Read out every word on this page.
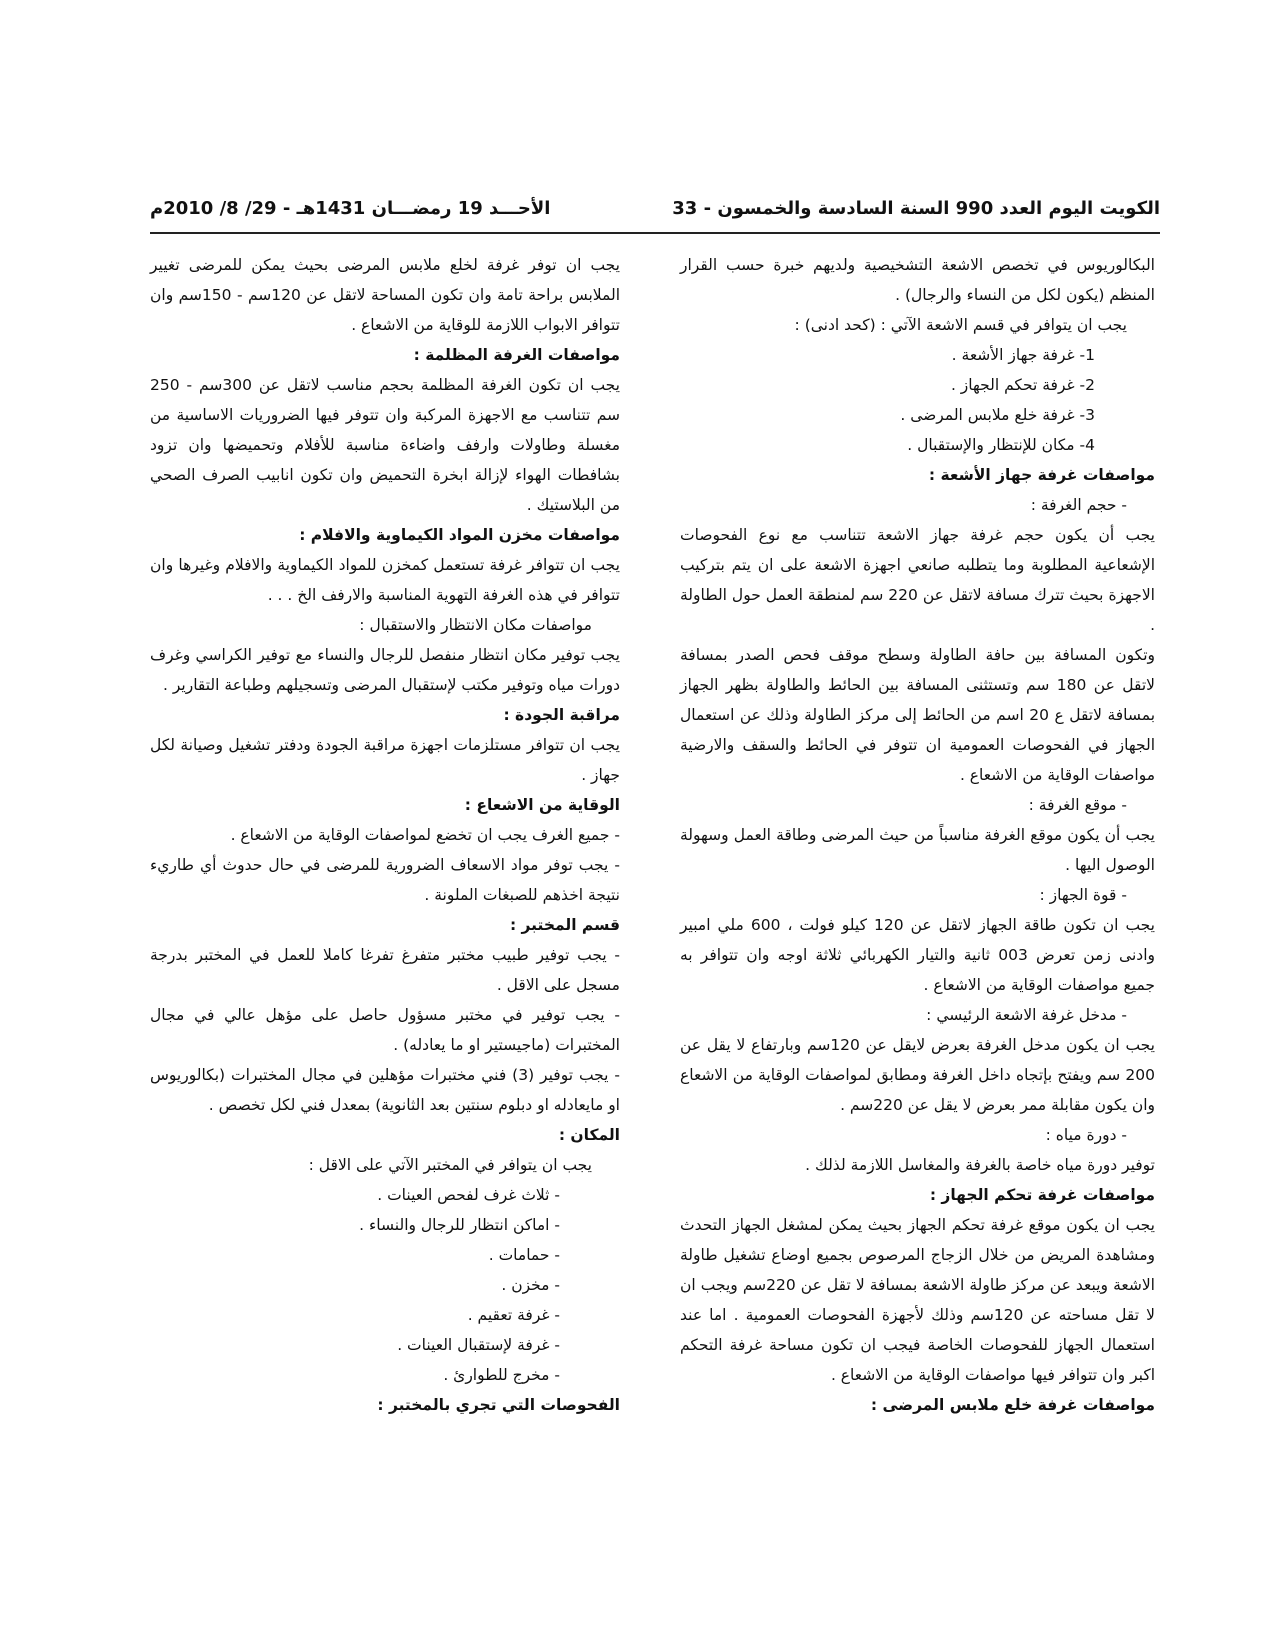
الكويت اليوم العدد 990 السنة السادسة والخمسون - 33
الأحـــد 19 رمضـــان 1431هـ - 29/ 8/ 2010م
البكالوريوس في تخصص الاشعة التشخيصية ولديهم خبرة حسب القرار المنظم (يكون لكل من النساء والرجال) .
يجب ان يتوافر في قسم الاشعة الآتي : (كحد ادنى) :
1- غرفة جهاز الأشعة .
2- غرفة تحكم الجهاز .
3- غرفة خلع ملابس المرضى .
4- مكان للإنتظار والإستقبال .
مواصفات غرفة جهاز الأشعة :
- حجم الغرفة :
يجب أن يكون حجم غرفة جهاز الاشعة تتناسب مع نوع الفحوصات الإشعاعية المطلوبة وما يتطلبه صانعي اجهزة الاشعة على ان يتم بتركيب الاجهزة بحيث تترك مسافة لاتقل عن 220 سم لمنطقة العمل حول الطاولة .
وتكون المسافة بين حافة الطاولة وسطح موقف فحص الصدر بمسافة لاتقل عن 180 سم وتستثنى المسافة بين الحائط والطاولة بظهر الجهاز بمسافة لاتقل ع 20 اسم من الحائط إلى مركز الطاولة وذلك عن استعمال الجهاز في الفحوصات العمومية ان تتوفر في الحائط والسقف والارضية مواصفات الوقاية من الاشعاع .
- موقع الغرفة :
يجب أن يكون موقع الغرفة مناسباً من حيث المرضى وطاقة العمل وسهولة الوصول اليها .
- قوة الجهاز :
يجب ان تكون طاقة الجهاز لاتقل عن 120 كيلو فولت ، 600 ملي امبير وادنى زمن تعرض 003 ثانية والتيار الكهربائي ثلاثة اوجه وان تتوافر به جميع مواصفات الوقاية من الاشعاع .
- مدخل غرفة الاشعة الرئيسي :
يجب ان يكون مدخل الغرفة بعرض لايقل عن 120سم وبارتفاع لا يقل عن 200 سم ويفتح بإتجاه داخل الغرفة ومطابق لمواصفات الوقاية من الاشعاع وان يكون مقابلة ممر بعرض لا يقل عن 220سم .
- دورة مياه :
توفير دورة مياه خاصة بالغرفة والمغاسل اللازمة لذلك .
مواصفات غرفة تحكم الجهاز :
يجب ان يكون موقع غرفة تحكم الجهاز بحيث يمكن لمشغل الجهاز التحدث ومشاهدة المريض من خلال الزجاج المرصوص بجميع اوضاع تشغيل طاولة الاشعة ويبعد عن مركز طاولة الاشعة بمسافة لا تقل عن 220سم ويجب ان لا تقل مساحته عن 120سم وذلك لأجهزة الفحوصات العمومية . اما عند استعمال الجهاز للفحوصات الخاصة فيجب ان تكون مساحة غرفة التحكم اكبر وان تتوافر فيها مواصفات الوقاية من الاشعاع .
مواصفات غرفة خلع ملابس المرضى :
يجب ان توفر غرفة لخلع ملابس المرضى بحيث يمكن للمرضى تغيير الملابس براحة تامة وان تكون المساحة لاتقل عن 120سم - 150سم وان تتوافر الابواب اللازمة للوقاية من الاشعاع .
مواصفات الغرفة المظلمة :
يجب ان تكون الغرفة المظلمة بحجم مناسب لاتقل عن 300سم - 250 سم تتناسب مع الاجهزة المركبة وان تتوفر فيها الضروريات الاساسية من مغسلة وطاولات وارفف واضاءة مناسبة للأفلام وتحميضها وان تزود بشافطات الهواء لإزالة ابخرة التحميض وان تكون انابيب الصرف الصحي من البلاستيك .
مواصفات مخزن المواد الكيماوية والافلام :
يجب ان تتوافر غرفة تستعمل كمخزن للمواد الكيماوية والافلام وغيرها وان تتوافر في هذه الغرفة التهوية المناسبة والارفف الخ . . .
مواصفات مكان الانتظار والاستقبال :
يجب توفير مكان انتظار منفصل للرجال والنساء مع توفير الكراسي وغرف دورات مياه وتوفير مكتب لإستقبال المرضى وتسجيلهم وطباعة التقارير .
مراقبة الجودة :
يجب ان تتوافر مستلزمات اجهزة مراقبة الجودة ودفتر تشغيل وصيانة لكل جهاز .
الوقاية من الاشعاع :
- جميع الغرف يجب ان تخضع لمواصفات الوقاية من الاشعاع .
- يجب توفر مواد الاسعاف الضرورية للمرضى في حال حدوث أي طاريء نتيجة اخذهم للصبغات الملونة .
قسم المختبر :
- يجب توفير طبيب مختبر متفرغ تفرغا كاملا للعمل في المختبر بدرجة مسجل على الاقل .
- يجب توفير في مختبر مسؤول حاصل على مؤهل عالي في مجال المختبرات (ماجيستير او ما يعادله) .
- يجب توفير (3) فني مختبرات مؤهلين في مجال المختبرات (بكالوريوس او مايعادله او دبلوم سنتين بعد الثانوية) بمعدل فني لكل تخصص .
المكان :
يجب ان يتوافر في المختبر الآتي على الاقل :
- ثلاث غرف لفحص العينات .
- اماكن انتظار للرجال والنساء .
- حمامات .
- مخزن .
- غرفة تعقيم .
- غرفة لإستقبال العينات .
- مخرج للطوارئ .
الفحوصات التي تجري بالمختبر :
